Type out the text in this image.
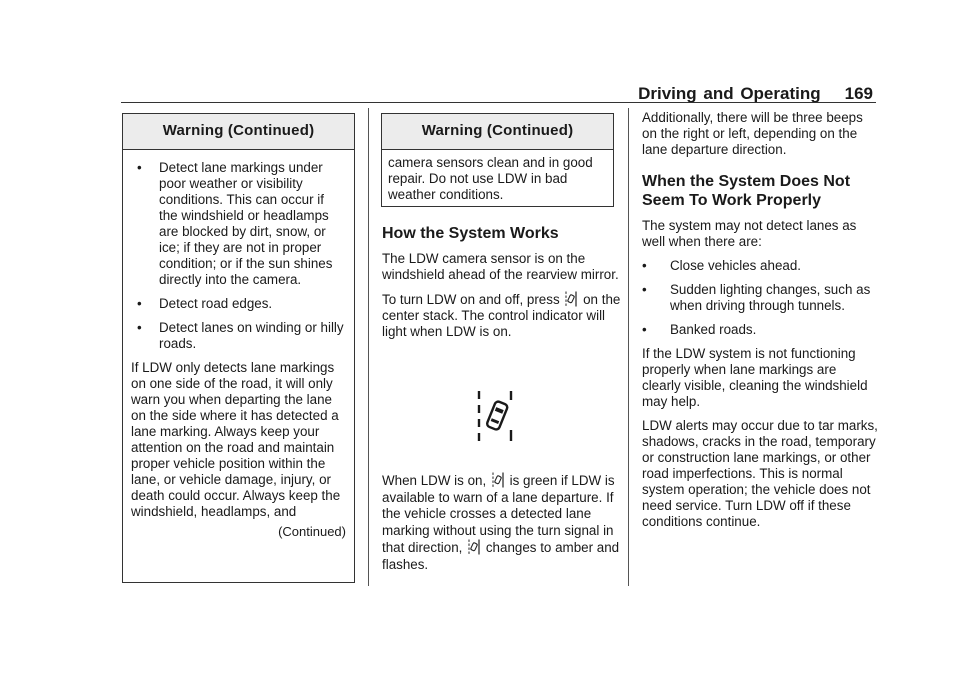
Driving and Operating 169
Warning (Continued)
•	Detect lane markings under poor weather or visibility conditions. This can occur if the windshield or headlamps are blocked by dirt, snow, or ice; if they are not in proper condition; or if the sun shines directly into the camera.
•	Detect road edges.
•	Detect lanes on winding or hilly roads.

If LDW only detects lane markings on one side of the road, it will only warn you when departing the lane on the side where it has detected a lane marking. Always keep your attention on the road and maintain proper vehicle position within the lane, or vehicle damage, injury, or death could occur. Always keep the windshield, headlamps, and

(Continued)
Warning (Continued)
camera sensors clean and in good repair. Do not use LDW in bad weather conditions.
How the System Works

The LDW camera sensor is on the windshield ahead of the rearview mirror.

To turn LDW on and off, press on the center stack. The control indicator will light when LDW is on.

When LDW is on, is green if LDW is available to warn of a lane departure. If the vehicle crosses a detected lane marking without using the turn signal in that direction, changes to amber and flashes.

Additionally, there will be three beeps on the right or left, depending on the lane departure direction.

When the System Does Not Seem To Work Properly

The system may not detect lanes as well when there are:

•	Close vehicles ahead.
•	Sudden lighting changes, such as when driving through tunnels.
•	Banked roads.

If the LDW system is not functioning properly when lane markings are clearly visible, cleaning the windshield may help.

LDW alerts may occur due to tar marks, shadows, cracks in the road, temporary or construction lane markings, or other road imperfections. This is normal system operation; the vehicle does not need service. Turn LDW off if these conditions continue.
